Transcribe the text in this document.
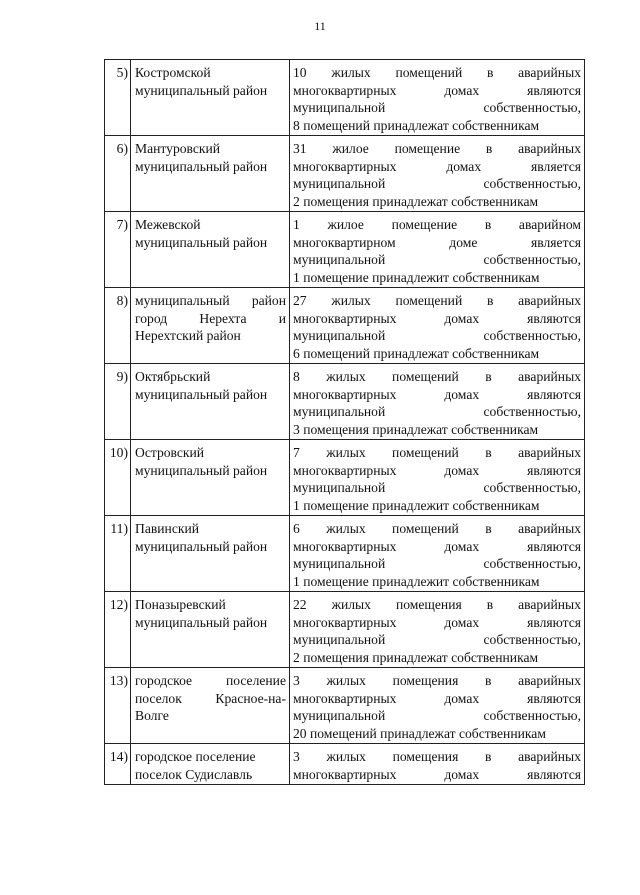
11
5)	Костромской
муниципальный район	10 жилых помещений в аварийных
многоквартирных домах являются
муниципальной собственностью,
8 помещений принадлежат собственникам

6)	Мантуровский
муниципальный район	31 жилое помещение в аварийных
многоквартирных домах является
муниципальной собственностью,
2 помещения принадлежат собственникам

7)	Межевской
муниципальный район	1 жилое помещение в аварийном
многоквартирном доме является
муниципальной собственностью,
1 помещение принадлежит собственникам

8)	муниципальный район
город Нерехта и
Нерехтский район	27 жилых помещений в аварийных
многоквартирных домах являются
муниципальной собственностью,
6 помещений принадлежат собственникам

9)	Октябрьский
муниципальный район	8 жилых помещений в аварийных
многоквартирных домах являются
муниципальной собственностью,
3 помещения принадлежат собственникам

10)	Островский
муниципальный район	7 жилых помещений в аварийных
многоквартирных домах являются
муниципальной собственностью,
1 помещение принадлежит собственникам

11)	Павинский
муниципальный район	6 жилых помещений в аварийных
многоквартирных домах являются
муниципальной собственностью,
1 помещение принадлежит собственникам

12)	Поназыревский
муниципальный район	22 жилых помещения в аварийных
многоквартирных домах являются
муниципальной собственностью,
2 помещения принадлежат собственникам

13)	городское поселение
поселок Красное-на-
Волге	3 жилых помещения в аварийных
многоквартирных домах являются
муниципальной собственностью,
20 помещений принадлежат собственникам

14)	городское поселение
поселок Судиславль	3 жилых помещения в аварийных
многоквартирных домах являются
